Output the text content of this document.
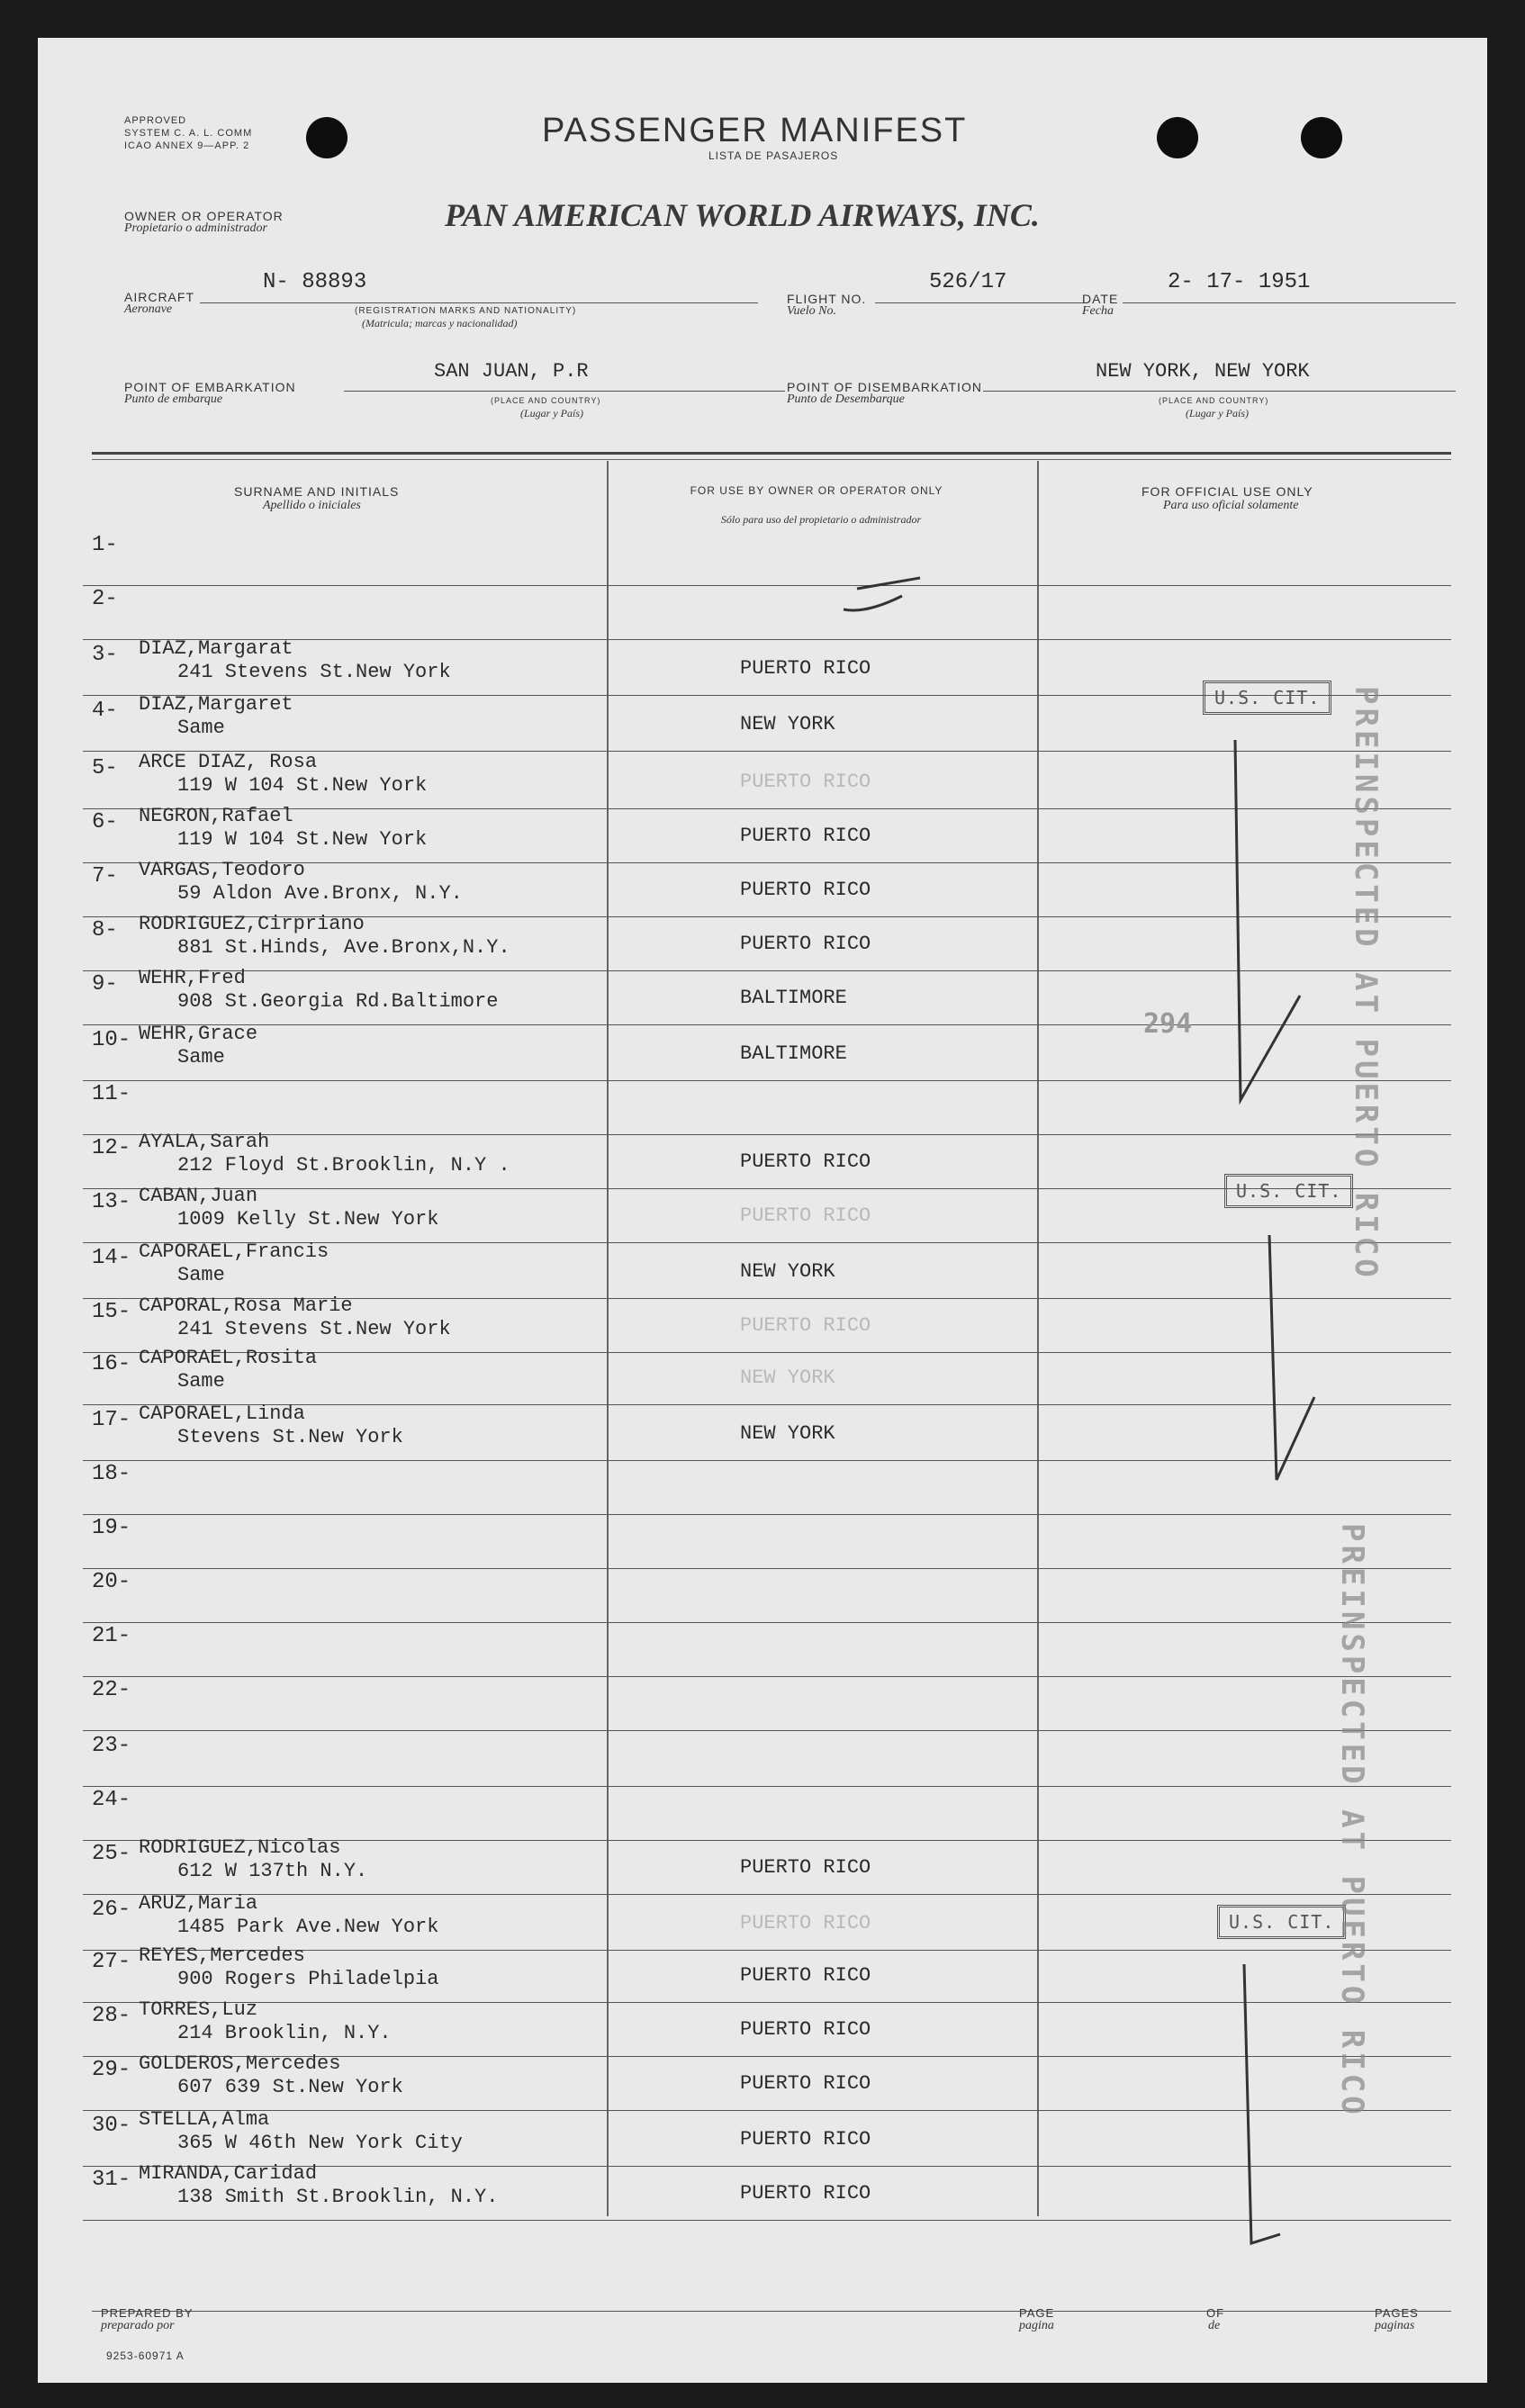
APPROVED
SYSTEM C. A. L. COMM
ICAO ANNEX 9—APP. 2	PASSENGER MANIFEST
LISTA DE PASAJEROS
OWNER OR OPERATOR
Propietario o administrador	PAN AMERICAN WORLD AIRWAYS, INC.
AIRCRAFT
Aeronave
N- 88893
(REGISTRATION MARKS AND NATIONALITY)
(Matricula; marcas y nacionalidad)
FLIGHT NO.
Vuelo No.
526/17
DATE
Fecha
2- 17- 1951
POINT OF EMBARKATION
Punto de embarque
SAN JUAN, P.R
(PLACE AND COUNTRY)
(Lugar y País)
POINT OF DISEMBARKATION
Punto de Desembarque
NEW YORK, NEW YORK
(PLACE AND COUNTRY)
(Lugar y País)
SURNAME AND INITIALS
Apellido o iniciales
FOR USE BY OWNER OR OPERATOR ONLY
Sólo para uso del propietario o administrador
FOR OFFICIAL USE ONLY
Para uso oficial solamente
1-
2-
3- DIAZ,Margarat
241 Stevens St.New York	PUERTO RICO
4- DIAZ,Margaret
Same	NEW YORK
5- ARCE DIAZ, Rosa
119 W 104 St.New York	PUERTO RICO
6- NEGRON,Rafael
119 W 104 St.New York	PUERTO RICO
7- VARGAS,Teodoro
59 Aldon Ave.Bronx, N.Y.	PUERTO RICO
8- RODRIGUEZ,Cirpriano
881 St.Hinds, Ave.Bronx,N.Y.	PUERTO RICO
9- WEHR,Fred
908 St.Georgia Rd.Baltimore	BALTIMORE
10- WEHR,Grace
Same	BALTIMORE
11-
12- AYALA,Sarah
212 Floyd St.Brooklin, N.Y .	PUERTO RICO
13- CABAN,Juan
1009 Kelly St.New York	PUERTO RICO
14- CAPORAEL,Francis
Same	NEW YORK
15- CAPORAL,Rosa Marie
241 Stevens St.New York	PUERTO RICO
16- CAPORAEL,Rosita
Same	NEW YORK
17- CAPORAEL,Linda
Stevens St.New York	NEW YORK
18-
19-
20-
21-
22-
23-
24-
25- RODRIGUEZ,Nicolas
612 W 137th N.Y.	PUERTO RICO
26- ARUZ,Maria
1485 Park Ave.New York	PUERTO RICO
27- REYES,Mercedes
900 Rogers Philadelpia	PUERTO RICO
28- TORRES,Luz
214 Brooklin, N.Y.	PUERTO RICO
29- GOLDEROS,Mercedes
607 639 St.New York	PUERTO RICO
30- STELLA,Alma
365 W 46th New York City	PUERTO RICO
31- MIRANDA,Caridad
138 Smith St.Brooklin, N.Y.	PUERTO RICO
U.S. CIT.
U.S. CIT.
U.S. CIT.
PREINSPECTED AT PUERTO RICO
PREINSPECTED AT PUERTO RICO
294
PREPARED BY
preparado por
PAGE
pagina
OF
de
PAGES
paginas
9253-60971 A
